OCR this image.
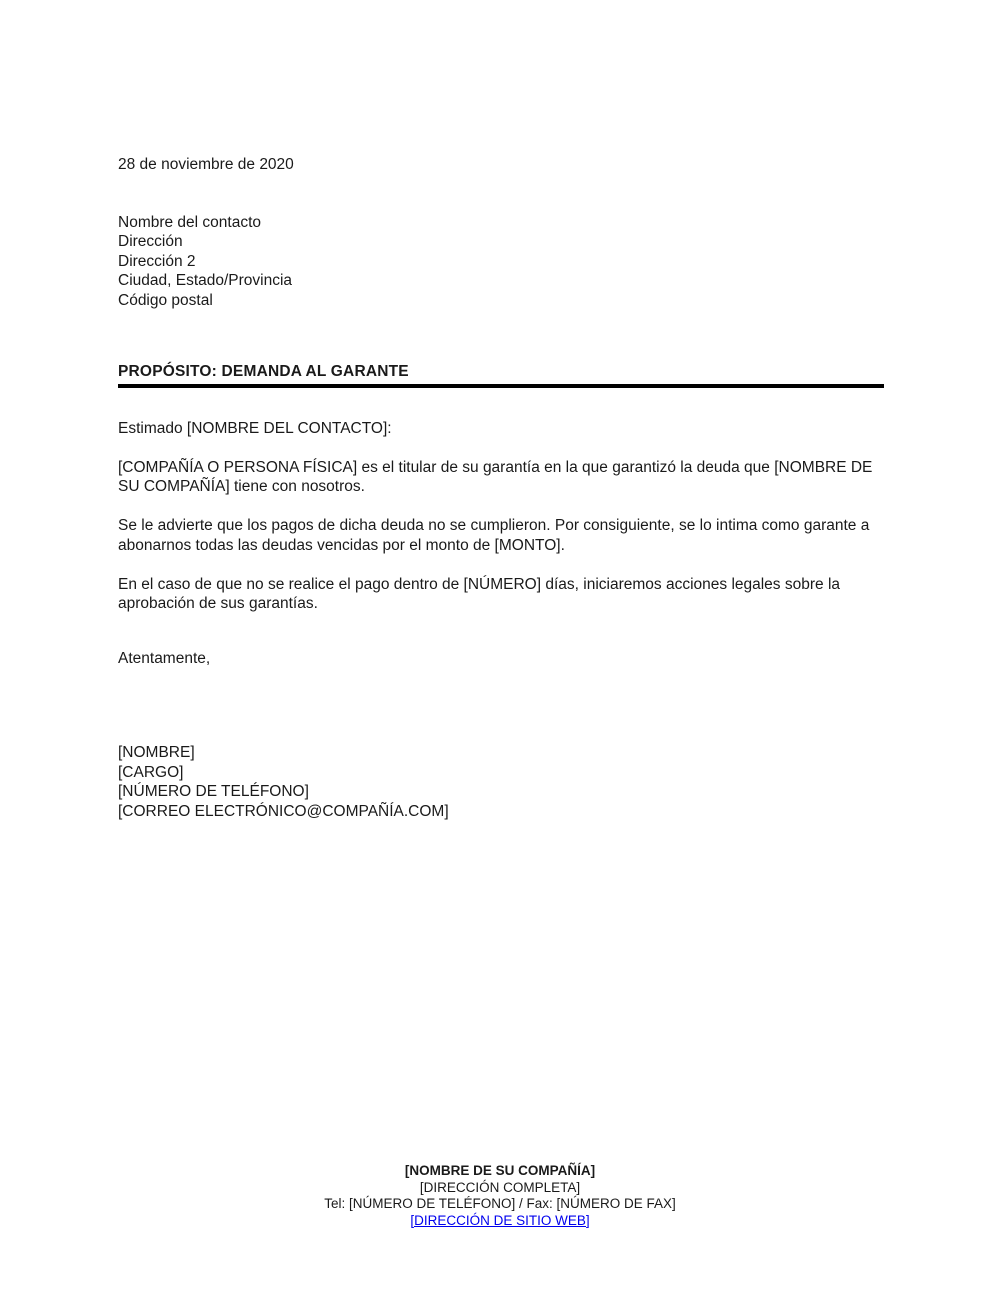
28 de noviembre de 2020
Nombre del contacto
Dirección
Dirección 2
Ciudad, Estado/Provincia
Código postal
PROPÓSITO: DEMANDA AL GARANTE
Estimado [NOMBRE DEL CONTACTO]:

[COMPAÑÍA O PERSONA FÍSICA] es el titular de su garantía en la que garantizó la deuda que [NOMBRE DE SU COMPAÑÍA] tiene con nosotros.

Se le advierte que los pagos de dicha deuda no se cumplieron. Por consiguiente, se lo intima como garante a abonarnos todas las deudas vencidas por el monto de [MONTO].

En el caso de que no se realice el pago dentro de [NÚMERO] días, iniciaremos acciones legales sobre la aprobación de sus garantías.

Atentamente,
[NOMBRE]
[CARGO]
[NÚMERO DE TELÉFONO]
[CORREO ELECTRÓNICO@COMPAÑÍA.COM]
[NOMBRE DE SU COMPAÑÍA]
[DIRECCIÓN COMPLETA]
Tel: [NÚMERO DE TELÉFONO] / Fax: [NÚMERO DE FAX]
[DIRECCIÓN DE SITIO WEB]
